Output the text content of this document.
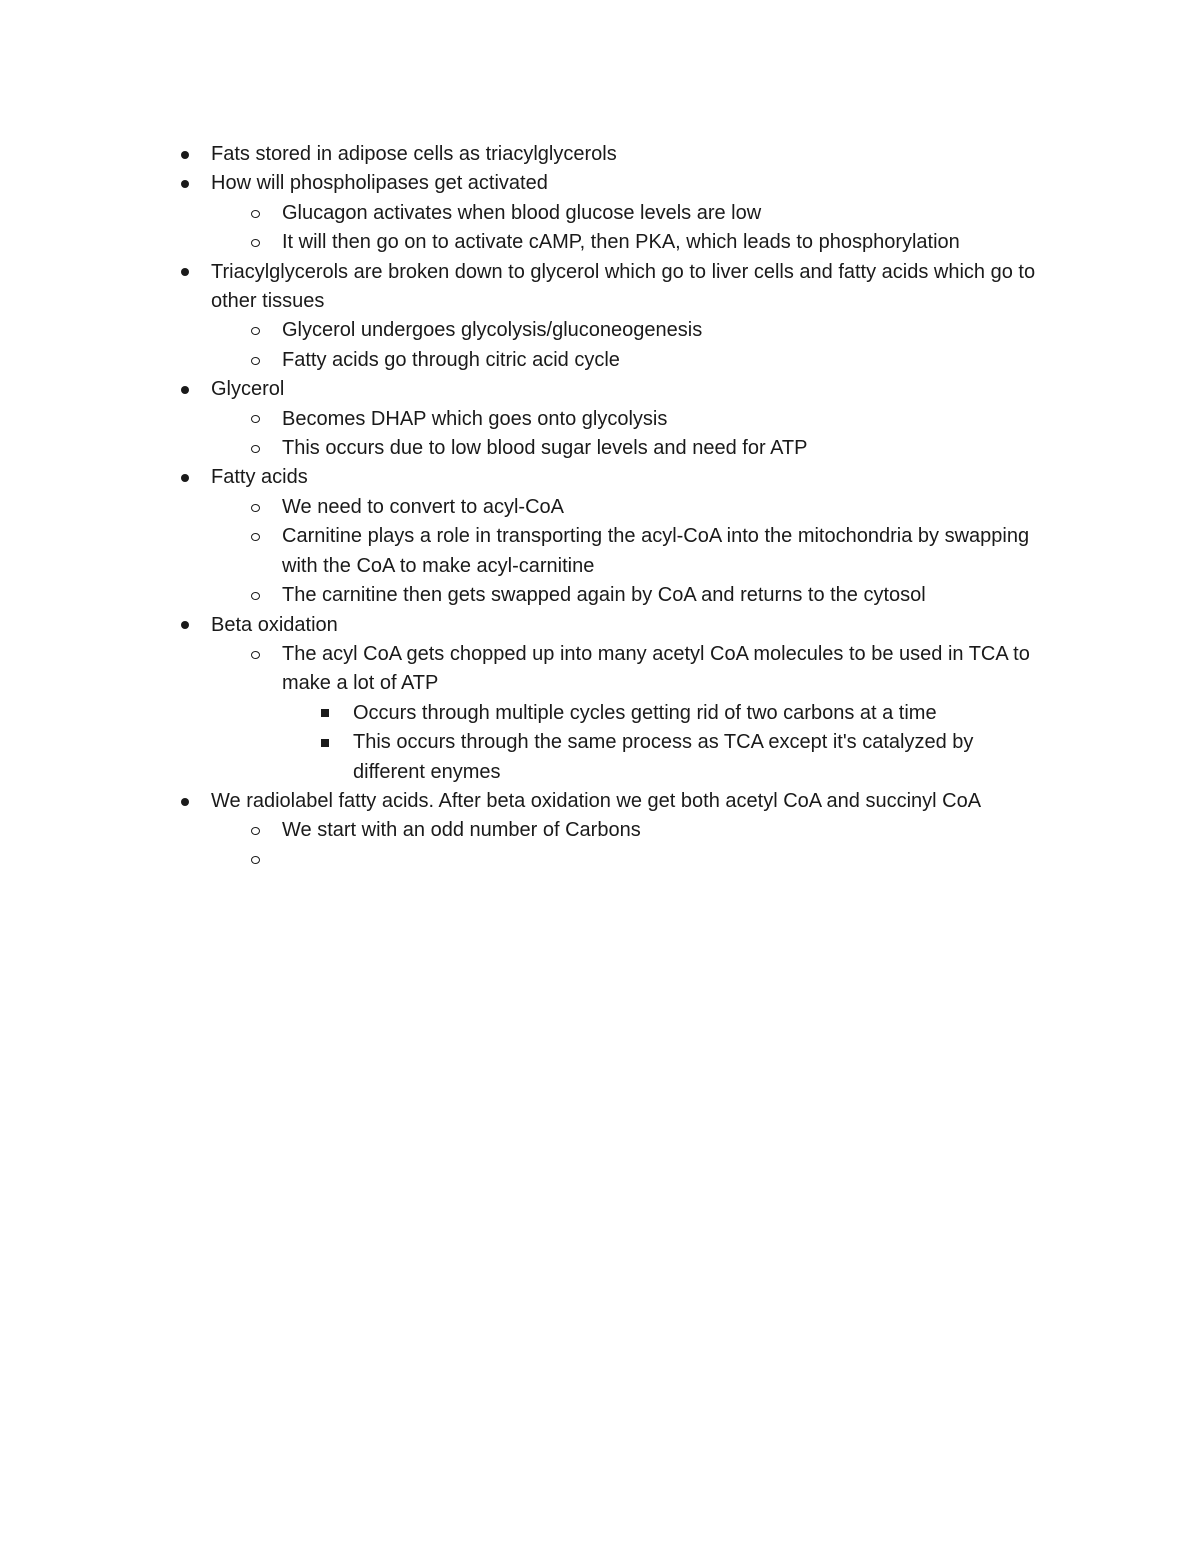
Fats stored in adipose cells as triacylglycerols
How will phospholipases get activated
Glucagon activates when blood glucose levels are low
It will then go on to activate cAMP, then PKA, which leads to phosphorylation
Triacylglycerols are broken down to glycerol which go to liver cells and fatty acids which go to other tissues
Glycerol undergoes glycolysis/gluconeogenesis
Fatty acids go through citric acid cycle
Glycerol
Becomes DHAP which goes onto glycolysis
This occurs due to low blood sugar levels and need for ATP
Fatty acids
We need to convert to acyl-CoA
Carnitine plays a role in transporting the acyl-CoA into the mitochondria by swapping with the CoA to make acyl-carnitine
The carnitine then gets swapped again by CoA and returns to the cytosol
Beta oxidation
The acyl CoA gets chopped up into many acetyl CoA molecules to be used in TCA to make a lot of ATP
Occurs through multiple cycles getting rid of two carbons at a time
This occurs through the same process as TCA except it's catalyzed by different enymes
We radiolabel fatty acids. After beta oxidation we get both acetyl CoA and succinyl CoA
We start with an odd number of Carbons
